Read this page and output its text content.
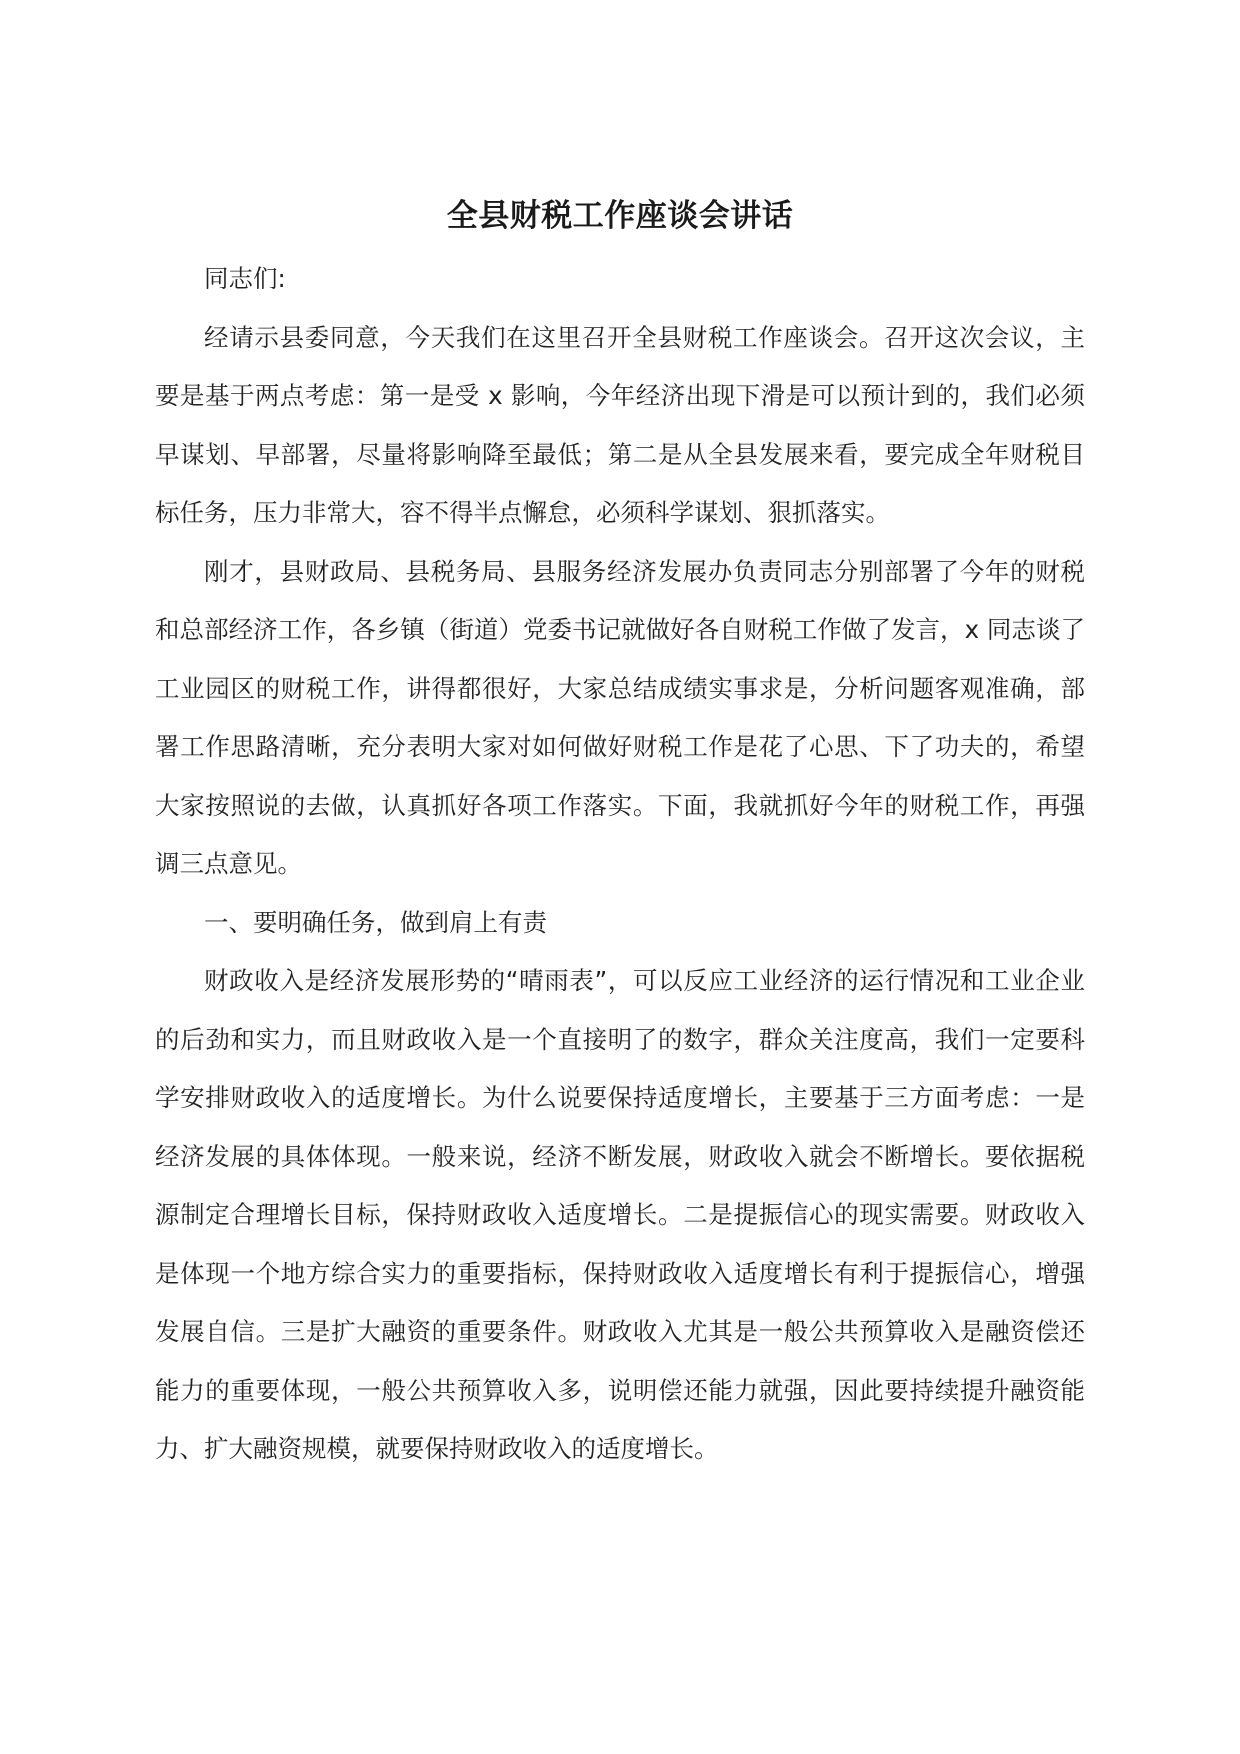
全县财税工作座谈会讲话

同志们:

经请示县委同意，今天我们在这里召开全县财税工作座谈会。召开这次会议，主要是基于两点考虑：第一是受 x 影响，今年经济出现下滑是可以预计到的，我们必须早谋划、早部署，尽量将影响降至最低；第二是从全县发展来看，要完成全年财税目标任务，压力非常大，容不得半点懈怠，必须科学谋划、狠抓落实。

刚才，县财政局、县税务局、县服务经济发展办负责同志分别部署了今年的财税和总部经济工作，各乡镇（街道）党委书记就做好各自财税工作做了发言，x 同志谈了工业园区的财税工作，讲得都很好，大家总结成绩实事求是，分析问题客观准确，部署工作思路清晰，充分表明大家对如何做好财税工作是花了心思、下了功夫的，希望大家按照说的去做，认真抓好各项工作落实。下面，我就抓好今年的财税工作，再强调三点意见。

一、要明确任务，做到肩上有责

财政收入是经济发展形势的“晴雨表”，可以反应工业经济的运行情况和工业企业的后劲和实力，而且财政收入是一个直接明了的数字，群众关注度高，我们一定要科学安排财政收入的适度增长。为什么说要保持适度增长，主要基于三方面考虑：一是经济发展的具体体现。一般来说，经济不断发展，财政收入就会不断增长。要依据税源制定合理增长目标，保持财政收入适度增长。二是提振信心的现实需要。财政收入是体现一个地方综合实力的重要指标，保持财政收入适度增长有利于提振信心，增强发展自信。三是扩大融资的重要条件。财政收入尤其是一般公共预算收入是融资偿还能力的重要体现，一般公共预算收入多，说明偿还能力就强，因此要持续提升融资能力、扩大融资规模，就要保持财政收入的适度增长。
